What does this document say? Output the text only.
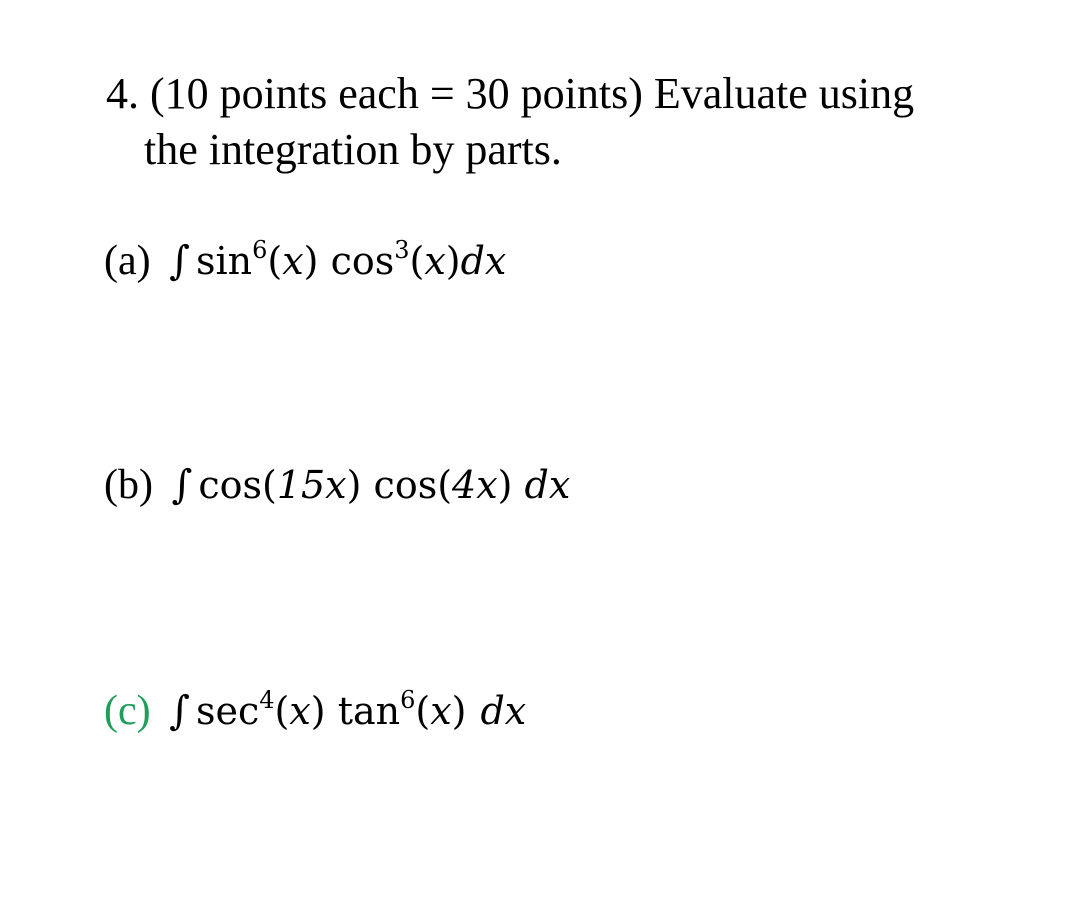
4. (10 points each = 30 points) Evaluate using
the integration by parts.
(a) ∫ $\sin^6(x)$ $\cos^3(x)dx$
(b) ∫ cos(15x) cos(4x) dx
(c) ∫ $\sec^4(x)$ $\tan^6(x)$ dx
